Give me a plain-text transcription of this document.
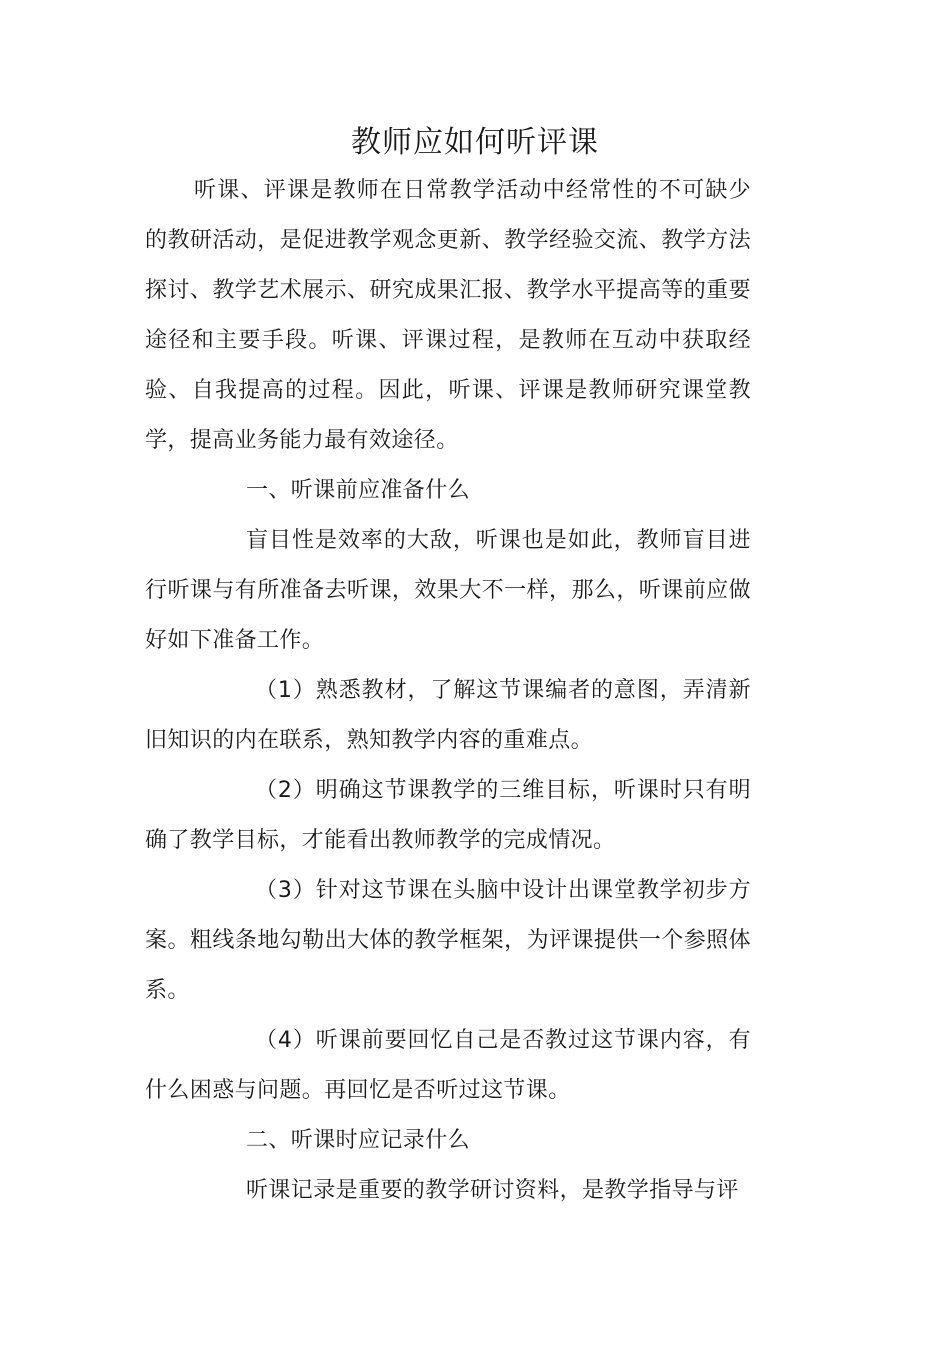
教师应如何听评课

听课、评课是教师在日常教学活动中经常性的不可缺少的教研活动，是促进教学观念更新、教学经验交流、教学方法探讨、教学艺术展示、研究成果汇报、教学水平提高等的重要途径和主要手段。听课、评课过程，是教师在互动中获取经验、自我提高的过程。因此，听课、评课是教师研究课堂教学，提高业务能力最有效途径。

一、听课前应准备什么

盲目性是效率的大敌，听课也是如此，教师盲目进行听课与有所准备去听课，效果大不一样，那么，听课前应做好如下准备工作。

（1）熟悉教材，了解这节课编者的意图，弄清新旧知识的内在联系，熟知教学内容的重难点。

（2）明确这节课教学的三维目标，听课时只有明确了教学目标，才能看出教师教学的完成情况。

（3）针对这节课在头脑中设计出课堂教学初步方案。粗线条地勾勒出大体的教学框架，为评课提供一个参照体系。

（4）听课前要回忆自己是否教过这节课内容，有什么困惑与问题。再回忆是否听过这节课。

二、听课时应记录什么

听课记录是重要的教学研讨资料，是教学指导与评
